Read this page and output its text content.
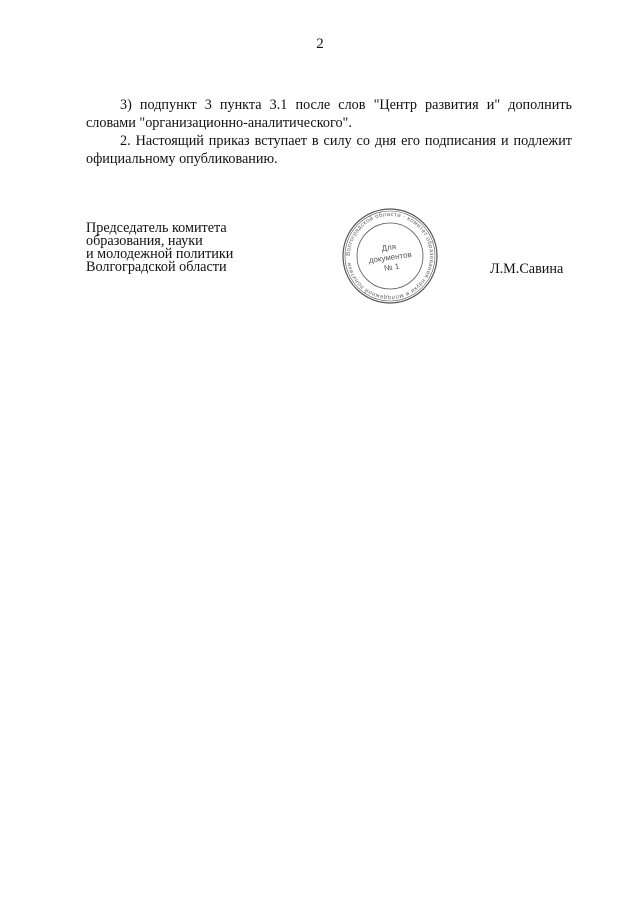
2

3) подпункт 3 пункта 3.1 после слов "Центр развития и" дополнить словами "организационно-аналитического".

2. Настоящий приказ вступает в силу со дня его подписания и подлежит официальному опубликованию.

Председатель комитета
образования, науки
и молодежной политики
Волгоградской области
Волгоградской области · комитет образования науки и молодежной политики
Для
документов
№ 1	Л.М.Савина
